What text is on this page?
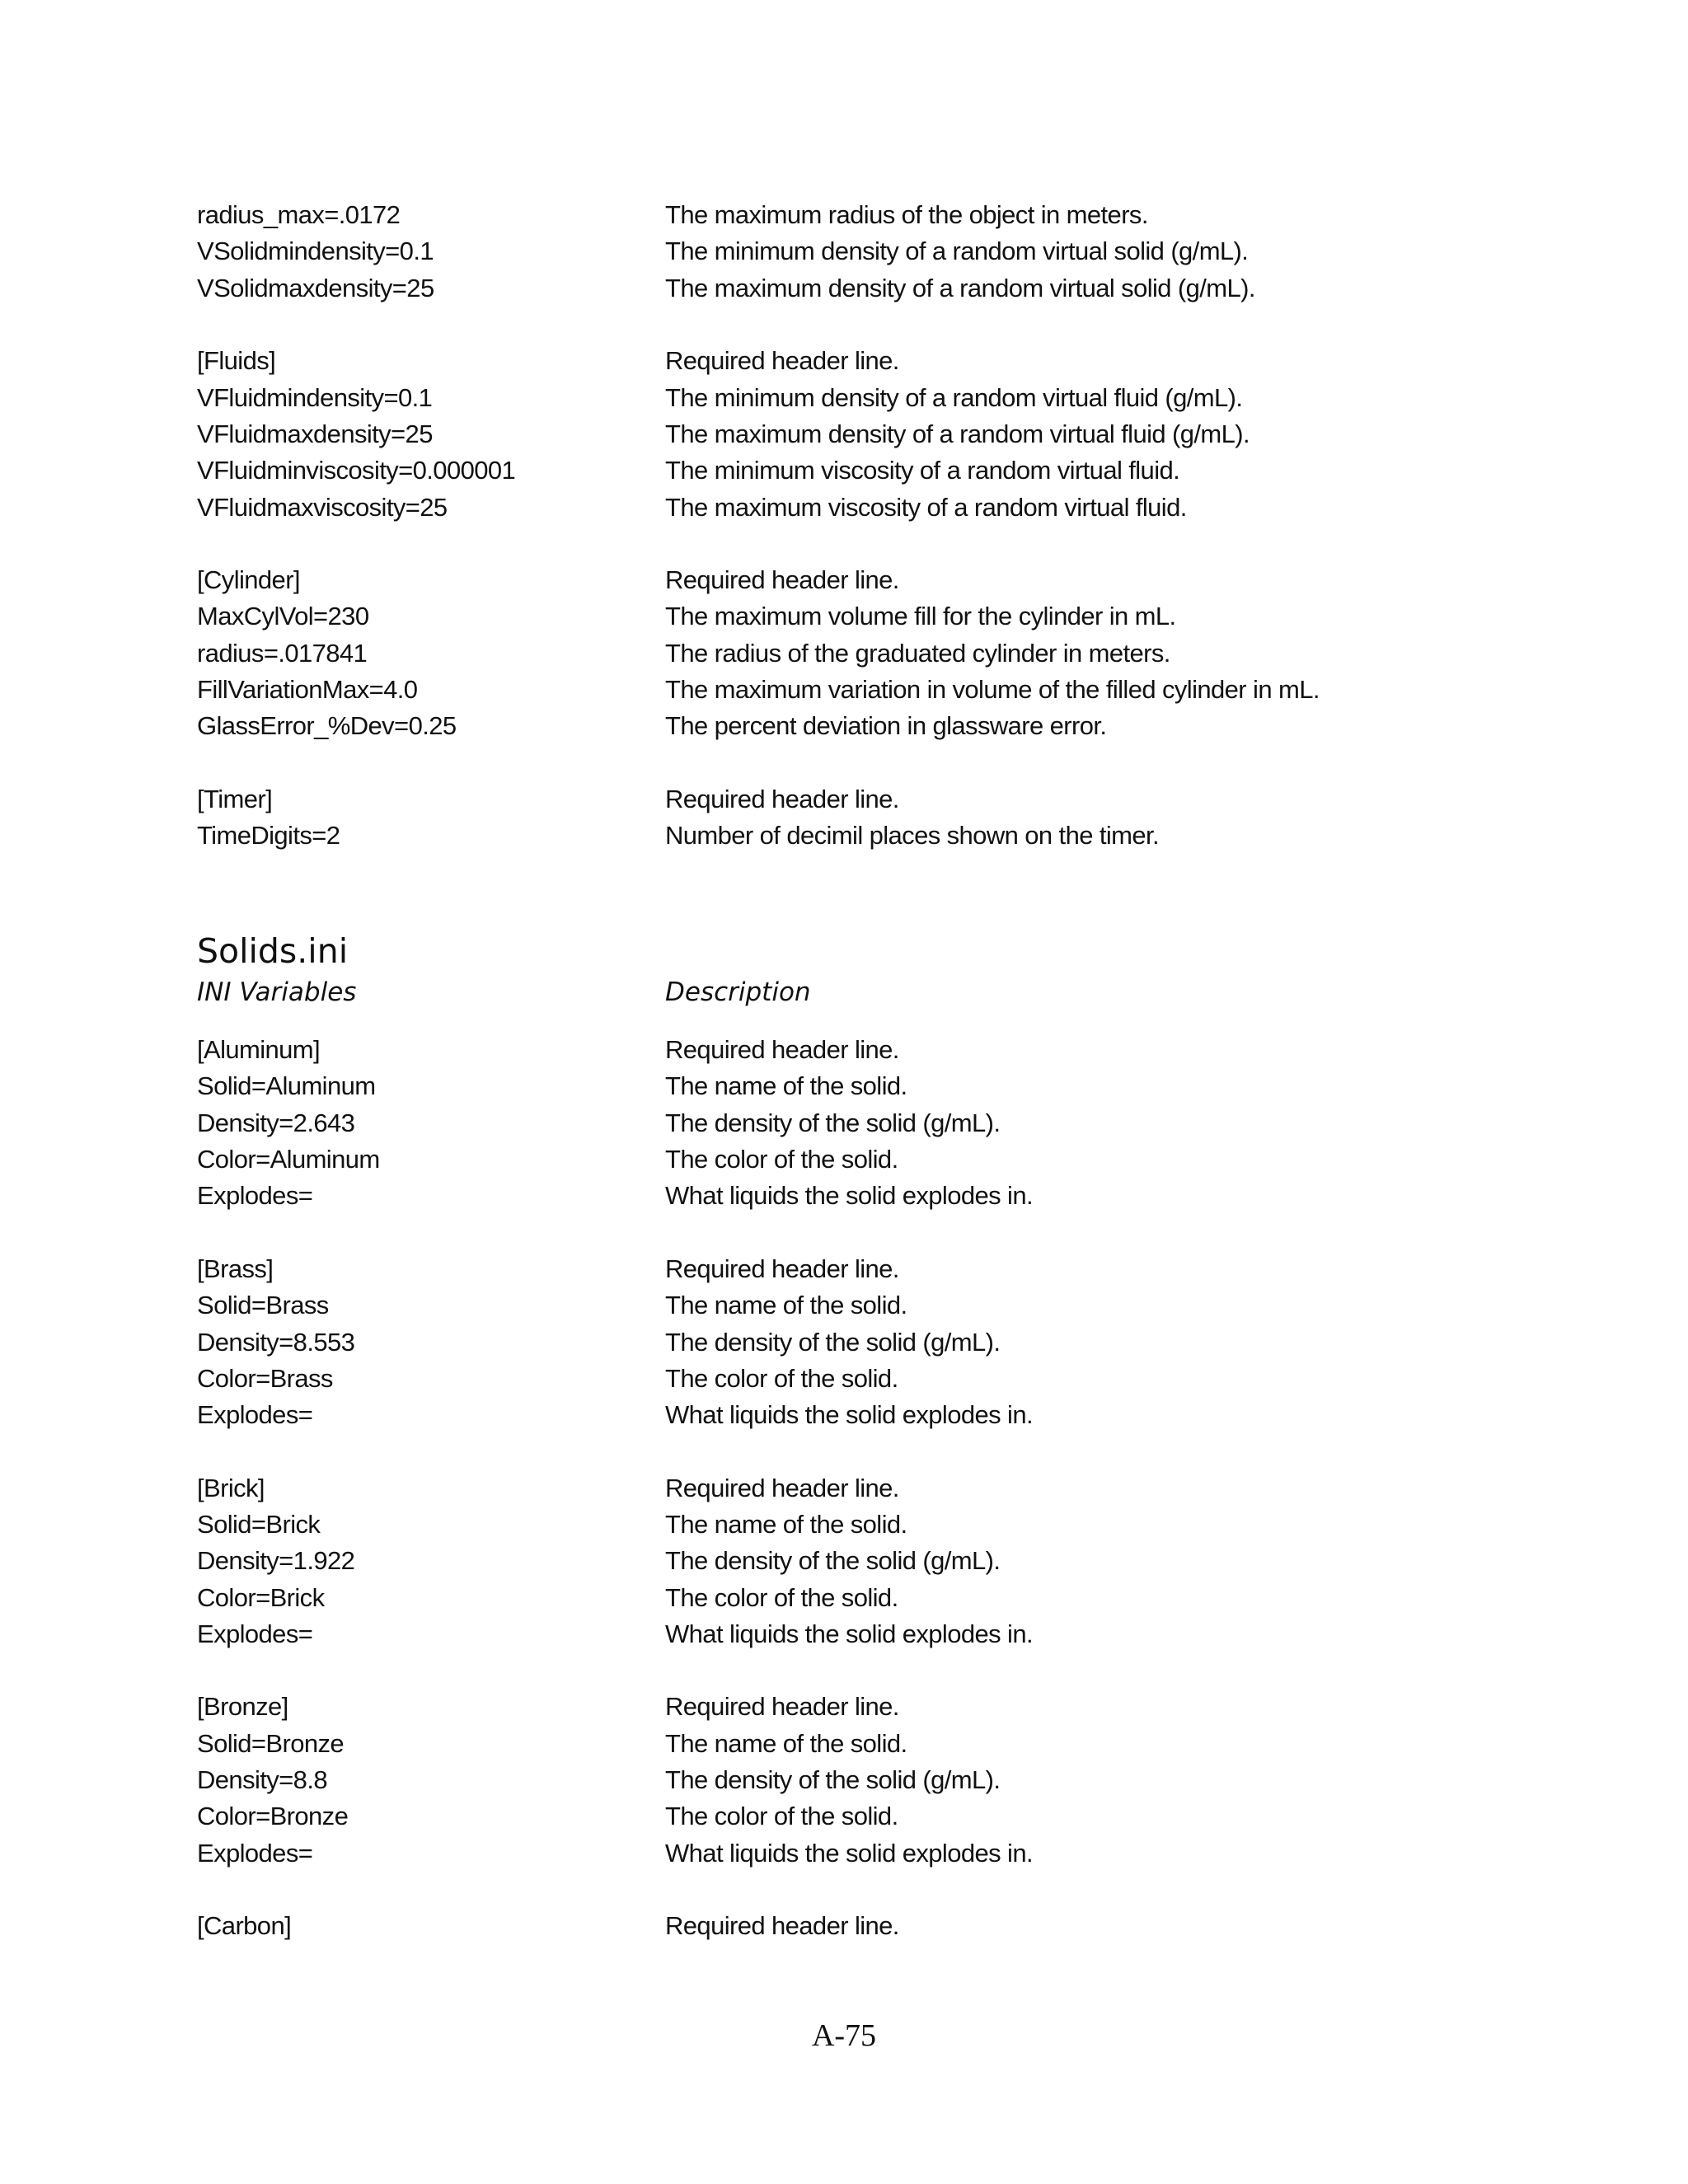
radius_max=.0172	The maximum radius of the object in meters.
VSolidmindensity=0.1	The minimum density of a random virtual solid (g/mL).
VSolidmaxdensity=25	The maximum density of a random virtual solid (g/mL).
[Fluids]	Required header line.
VFluidmindensity=0.1	The minimum density of a random virtual fluid (g/mL).
VFluidmaxdensity=25	The maximum density of a random virtual fluid (g/mL).
VFluidminviscosity=0.000001	The minimum viscosity of a random virtual fluid.
VFluidmaxviscosity=25	The maximum viscosity of a random virtual fluid.
[Cylinder]	Required header line.
MaxCylVol=230	The maximum volume fill for the cylinder in mL.
radius=.017841	The radius of the graduated cylinder in meters.
FillVariationMax=4.0	The maximum variation in volume of the filled cylinder in mL.
GlassError_%Dev=0.25	The percent deviation in glassware error.
[Timer]	Required header line.
TimeDigits=2	Number of decimil places shown on the timer.
Solids.ini
INI Variables	Description
[Aluminum]	Required header line.
Solid=Aluminum	The name of the solid.
Density=2.643	The density of the solid (g/mL).
Color=Aluminum	The color of the solid.
Explodes=	What liquids the solid explodes in.
[Brass]	Required header line.
Solid=Brass	The name of the solid.
Density=8.553	The density of the solid (g/mL).
Color=Brass	The color of the solid.
Explodes=	What liquids the solid explodes in.
[Brick]	Required header line.
Solid=Brick	The name of the solid.
Density=1.922	The density of the solid (g/mL).
Color=Brick	The color of the solid.
Explodes=	What liquids the solid explodes in.
[Bronze]	Required header line.
Solid=Bronze	The name of the solid.
Density=8.8	The density of the solid (g/mL).
Color=Bronze	The color of the solid.
Explodes=	What liquids the solid explodes in.
[Carbon]	Required header line.
A-75
